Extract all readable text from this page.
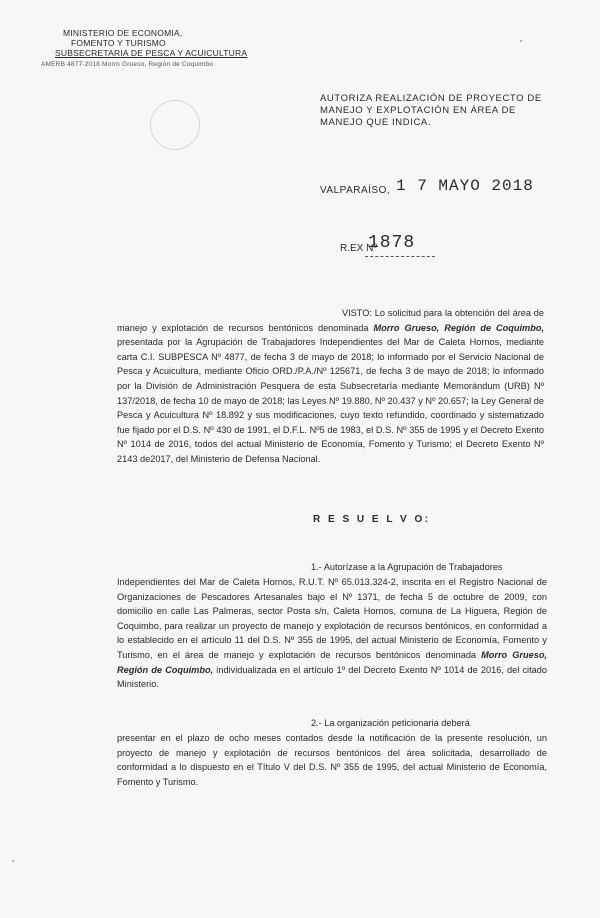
MINISTERIO DE ECONOMIA,
FOMENTO Y TURISMO
SUBSECRETARIA DE PESCA Y ACUICULTURA
AMERB 4877-2018 Morro Grueso, Región de Coquimbo
AUTORIZA REALIZACIÓN DE PROYECTO DE MANEJO Y EXPLOTACIÓN EN ÁREA DE MANEJO QUE INDICA.
VALPARAÍSO, 1 7 MAYO 2018
R.EX Nº
1878
VISTO: Lo solicitud para la obtención del área de manejo y explotación de recursos bentónicos denominada Morro Grueso, Región de Coquimbo, presentada por la Agrupación de Trabajadores Independientes del Mar de Caleta Hornos, mediante carta C.I. SUBPESCA Nº 4877, de fecha 3 de mayo de 2018; lo informado por el Servicio Nacional de Pesca y Acuicultura, mediante Oficio ORD./P.A./Nº 125671, de fecha 3 de mayo de 2018; lo informado por la División de Administración Pesquera de esta Subsecretaría mediante Memorándum (URB) Nº 137/2018, de fecha 10 de mayo de 2018; las Leyes Nº 19.880, Nº 20.437 y Nº 20.657; la Ley General de Pesca y Acuicultura Nº 18.892 y sus modificaciones, cuyo texto refundido, coordinado y sistematizado fue fijado por el D.S. Nº 430 de 1991, el D.F.L. Nº5 de 1983, el D.S. Nº 355 de 1995 y el Decreto Exento Nº 1014 de 2016, todos del actual Ministerio de Economía, Fomento y Turismo; el Decreto Exento Nº 2143 de2017, del Ministerio de Defensa Nacional.
R E S U E L V O:
1.- Autorízase a la Agrupación de Trabajadores
Independientes del Mar de Caleta Hornos, R.U.T. Nº 65.013.324-2, inscrita en el Registro Nacional de Organizaciones de Pescadores Artesanales bajo el Nº 1371, de fecha 5 de octubre de 2009, con domicilio en calle Las Palmeras, sector Posta s/n, Caleta Hornos, comuna de La Higuera, Región de Coquimbo, para realizar un proyecto de manejo y explotación de recursos bentónicos, en conformidad a lo establecido en el artículo 11 del D.S. Nº 355 de 1995, del actual Ministerio de Economía, Fomento y Turismo, en el área de manejo y explotación de recursos bentónicos denominada Morro Grueso, Región de Coquimbo, individualizada en el artículo 1º del Decreto Exento Nº 1014 de 2016, del citado Ministerio.
2.- La organización peticionaria deberá
presentar en el plazo de ocho meses contados desde la notificación de la presente resolución, un proyecto de manejo y explotación de recursos bentónicos del área solicitada, desarrollado de conformidad a lo dispuesto en el Título V del D.S. Nº 355 de 1995, del actual Ministerio de Economía, Fomento y Turismo.
